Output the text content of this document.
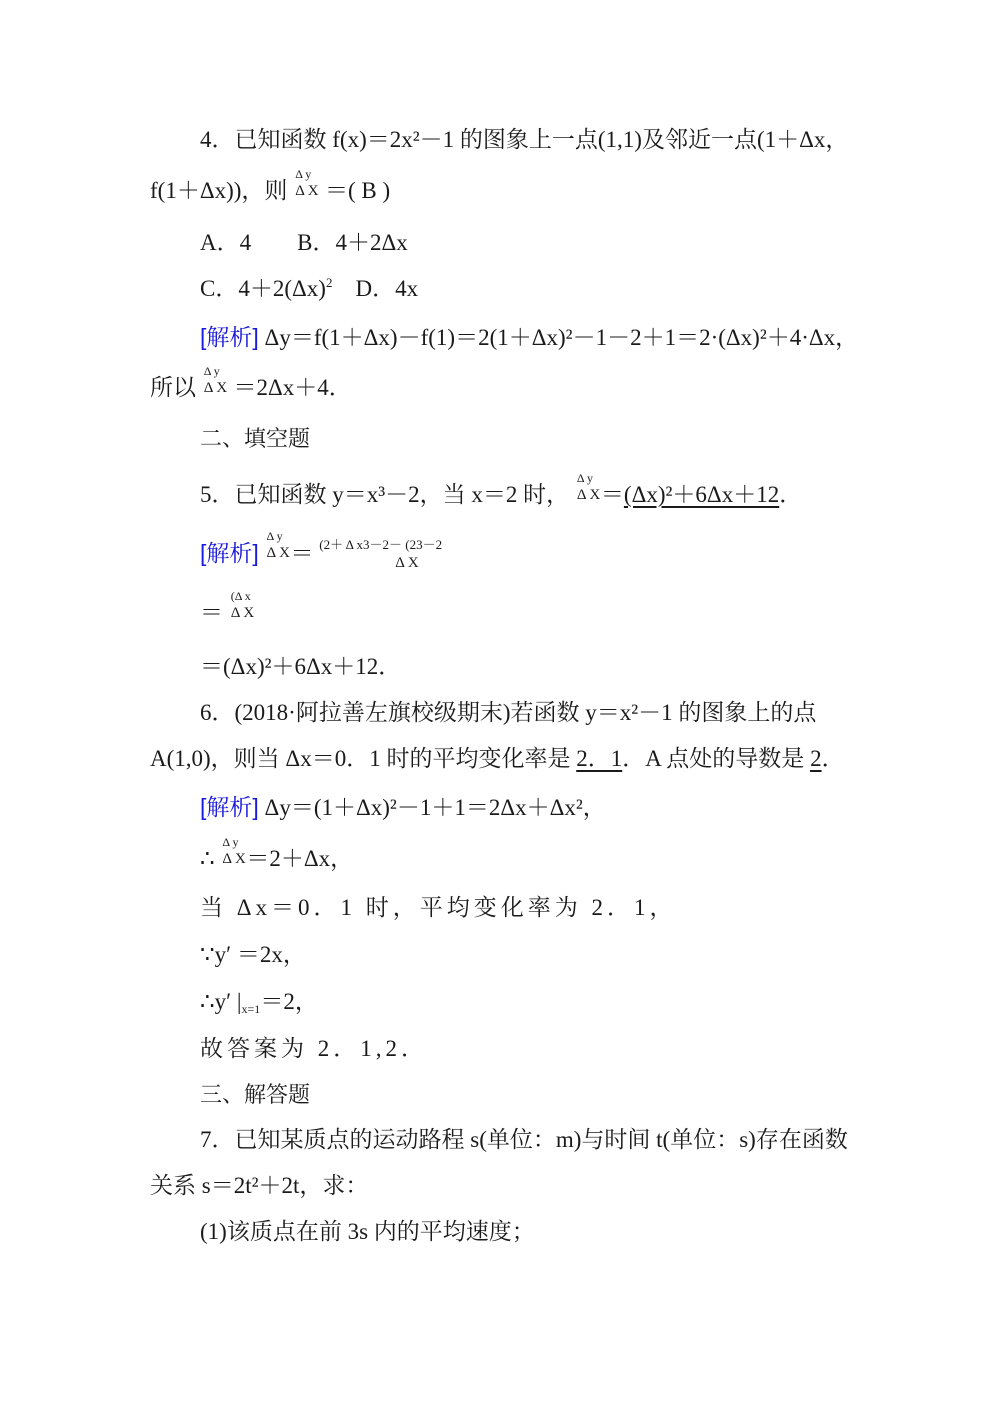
4．已知函数 f(x)＝2x²－1 的图象上一点(1,1)及邻近一点(1＋Δx，
f(1＋Δx))，则
Δ y
Δ X ＝( B )
A．4　　B．4＋2Δx
C．$4+2(\Delta x)^2$　D．4x
[解析] Δy＝f(1＋Δx)－f(1)＝2(1＋Δx)²－1－2＋1＝2·(Δx)²＋4·Δx，
所以
Δ y
Δ X ＝2Δx＋4．
二、填空题
5．已知函数 y＝x³－2，当 x＝2 时，
Δ y
Δ X ＝(Δx)²＋6Δx＋12．
[解析]
Δ y
Δ X ＝ (2＋ Δ x3－2－ (23－2
Δ X
＝
(Δ x
Δ X
＝(Δx)²＋6Δx＋12．
6．(2018·阿拉善左旗校级期末)若函数 y＝x²－1 的图象上的点
A(1,0)，则当 Δx＝0．1 时的平均变化率是 2．1．A 点处的导数是 2．
[解析] Δy＝(1＋Δx)²－1＋1＝2Δx＋Δx²，
∴
Δ y
Δ X ＝2＋Δx，
当 Δx＝0．1 时，平均变化率为 2．1，
∵y′ ＝2x，
∴y′ $|_{x=1}=2$，
故答案为 2．1,2．
三、解答题
7．已知某质点的运动路程 s(单位：m)与时间 t(单位：s)存在函数
关系 s＝2t²＋2t，求：
(1)该质点在前 3s 内的平均速度；
